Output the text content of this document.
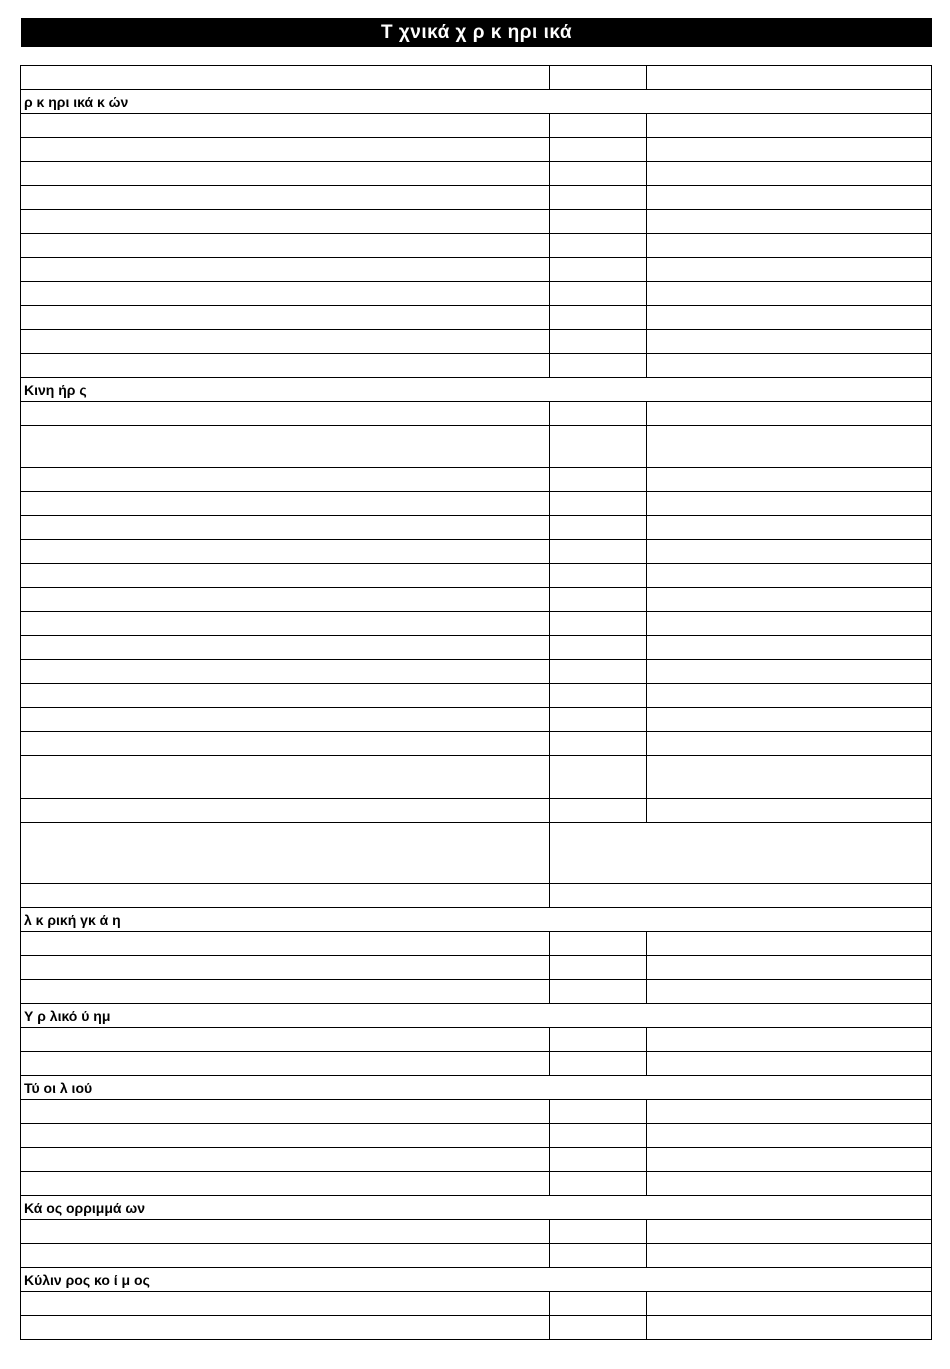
Τ χνικά χ ρ κ ηρι ικά

ρ κ ηρι ικά κ ών		

Κινη ήρ ς		

λ κ ρική γκ ά η		

Υ ρ λικό ύ ημ		

Τύ οι λ ιού		

Κά ος ορριμμά ων		

Κύλιν ρος κο ί μ ος		
